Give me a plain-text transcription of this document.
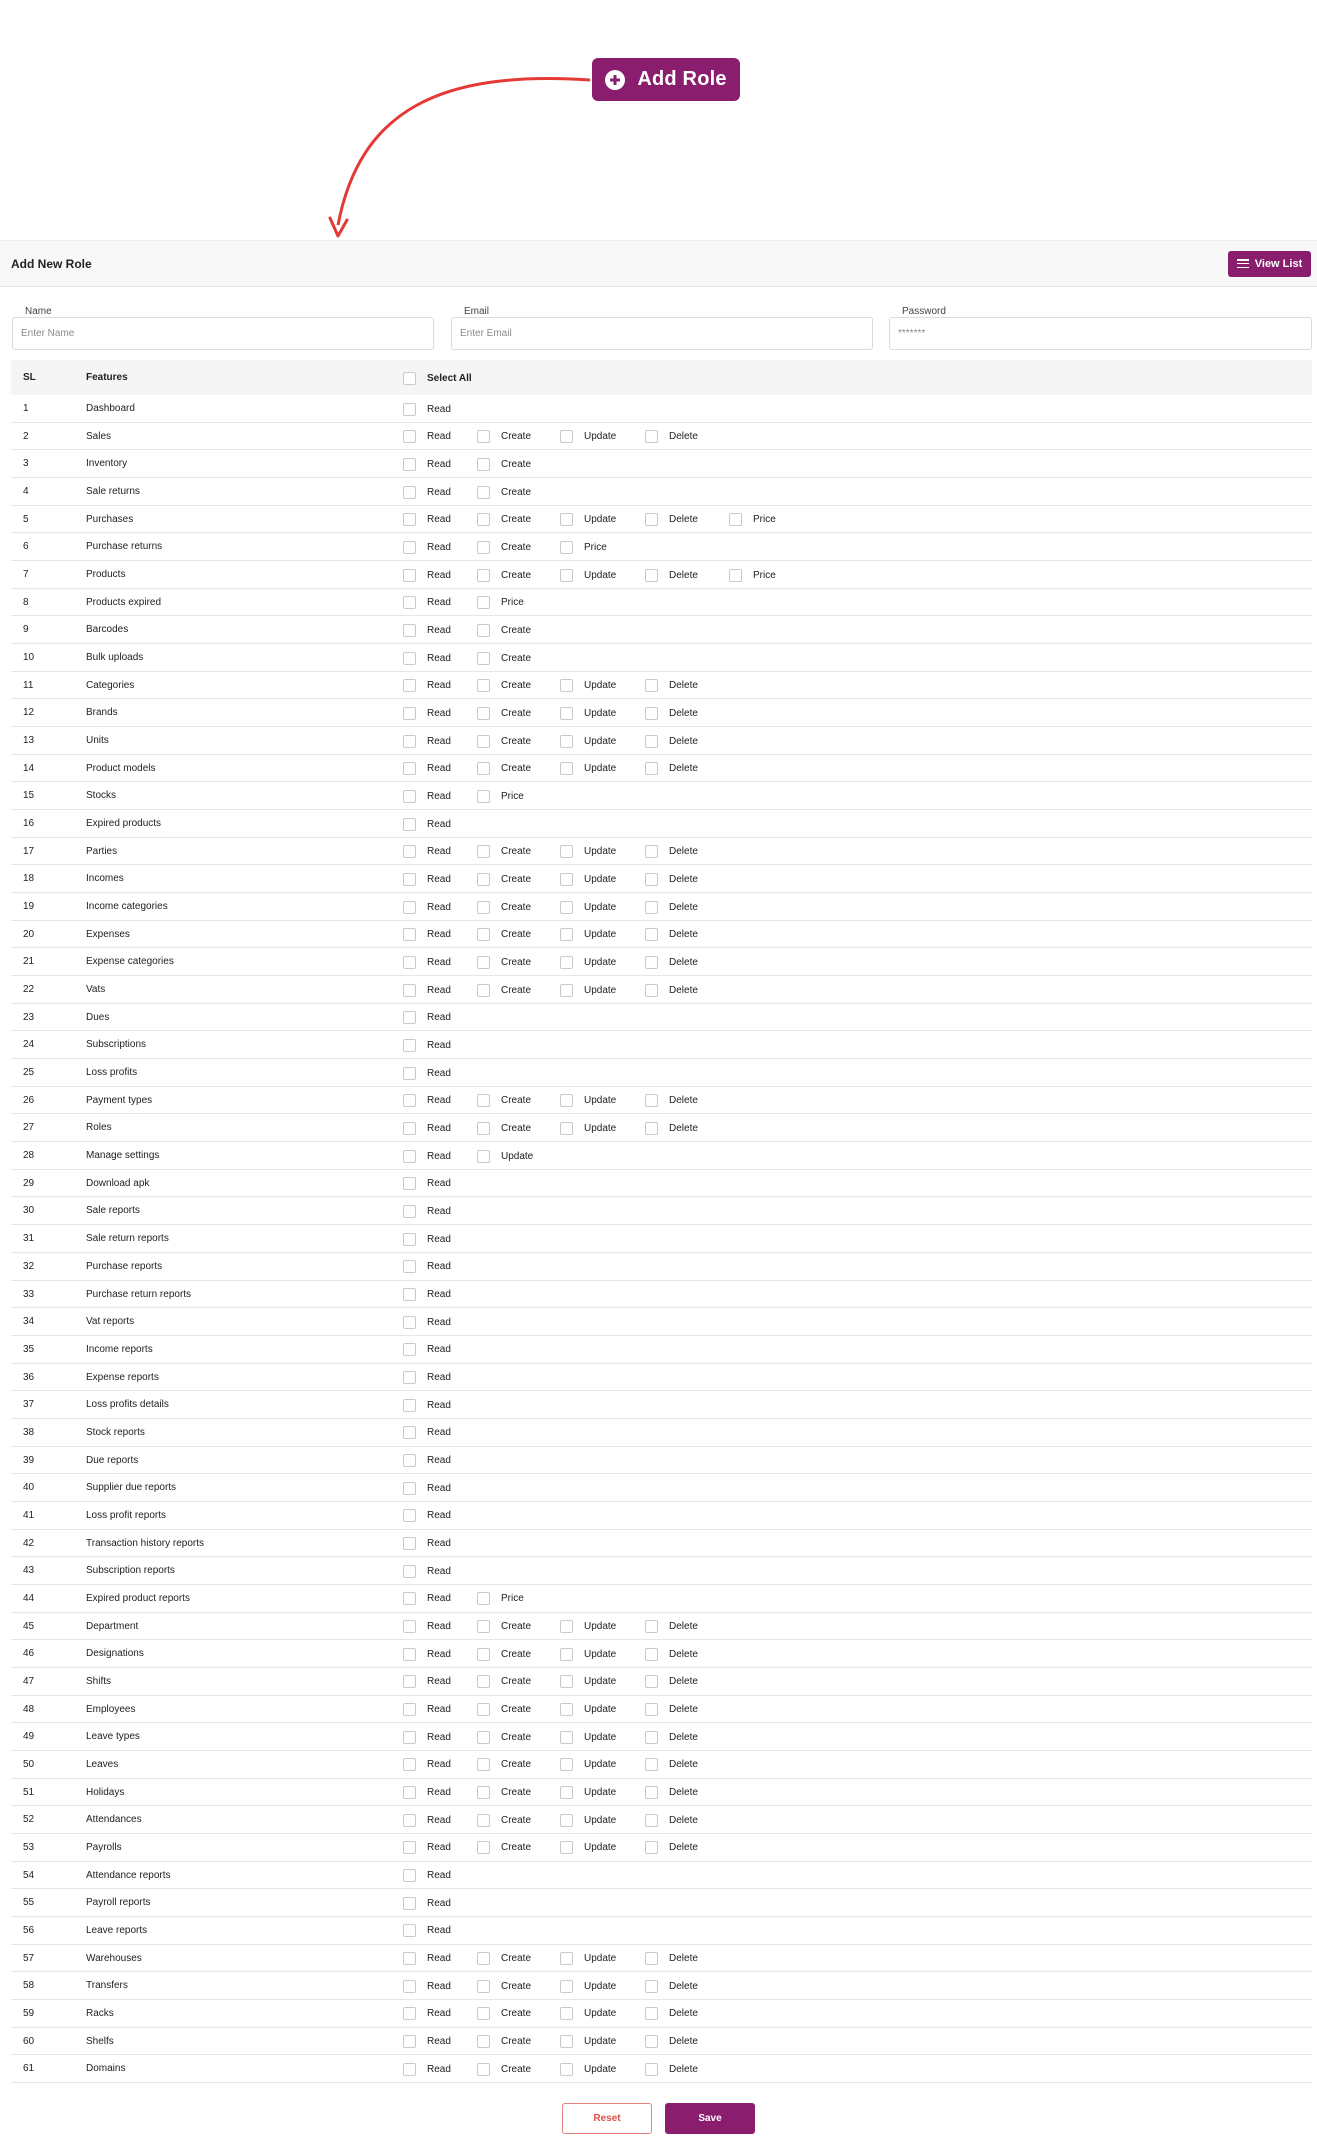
Add Role
Add New Role	View List
Name
Enter Name
Email
Enter Email
Password
*******
SL	Features	Select All
1	Dashboard	Read
2	Sales	Read	Create	Update	Delete
3	Inventory	Read	Create
4	Sale returns	Read	Create
5	Purchases	Read	Create	Update	Delete	Price
6	Purchase returns	Read	Create	Price
7	Products	Read	Create	Update	Delete	Price
8	Products expired	Read	Price
9	Barcodes	Read	Create
10	Bulk uploads	Read	Create
11	Categories	Read	Create	Update	Delete
12	Brands	Read	Create	Update	Delete
13	Units	Read	Create	Update	Delete
14	Product models	Read	Create	Update	Delete
15	Stocks	Read	Price
16	Expired products	Read
17	Parties	Read	Create	Update	Delete
18	Incomes	Read	Create	Update	Delete
19	Income categories	Read	Create	Update	Delete
20	Expenses	Read	Create	Update	Delete
21	Expense categories	Read	Create	Update	Delete
22	Vats	Read	Create	Update	Delete
23	Dues	Read
24	Subscriptions	Read
25	Loss profits	Read
26	Payment types	Read	Create	Update	Delete
27	Roles	Read	Create	Update	Delete
28	Manage settings	Read	Update
29	Download apk	Read
30	Sale reports	Read
31	Sale return reports	Read
32	Purchase reports	Read
33	Purchase return reports	Read
34	Vat reports	Read
35	Income reports	Read
36	Expense reports	Read
37	Loss profits details	Read
38	Stock reports	Read
39	Due reports	Read
40	Supplier due reports	Read
41	Loss profit reports	Read
42	Transaction history reports	Read
43	Subscription reports	Read
44	Expired product reports	Read	Price
45	Department	Read	Create	Update	Delete
46	Designations	Read	Create	Update	Delete
47	Shifts	Read	Create	Update	Delete
48	Employees	Read	Create	Update	Delete
49	Leave types	Read	Create	Update	Delete
50	Leaves	Read	Create	Update	Delete
51	Holidays	Read	Create	Update	Delete
52	Attendances	Read	Create	Update	Delete
53	Payrolls	Read	Create	Update	Delete
54	Attendance reports	Read
55	Payroll reports	Read
56	Leave reports	Read
57	Warehouses	Read	Create	Update	Delete
58	Transfers	Read	Create	Update	Delete
59	Racks	Read	Create	Update	Delete
60	Shelfs	Read	Create	Update	Delete
61	Domains	Read	Create	Update	Delete
Reset	Save
